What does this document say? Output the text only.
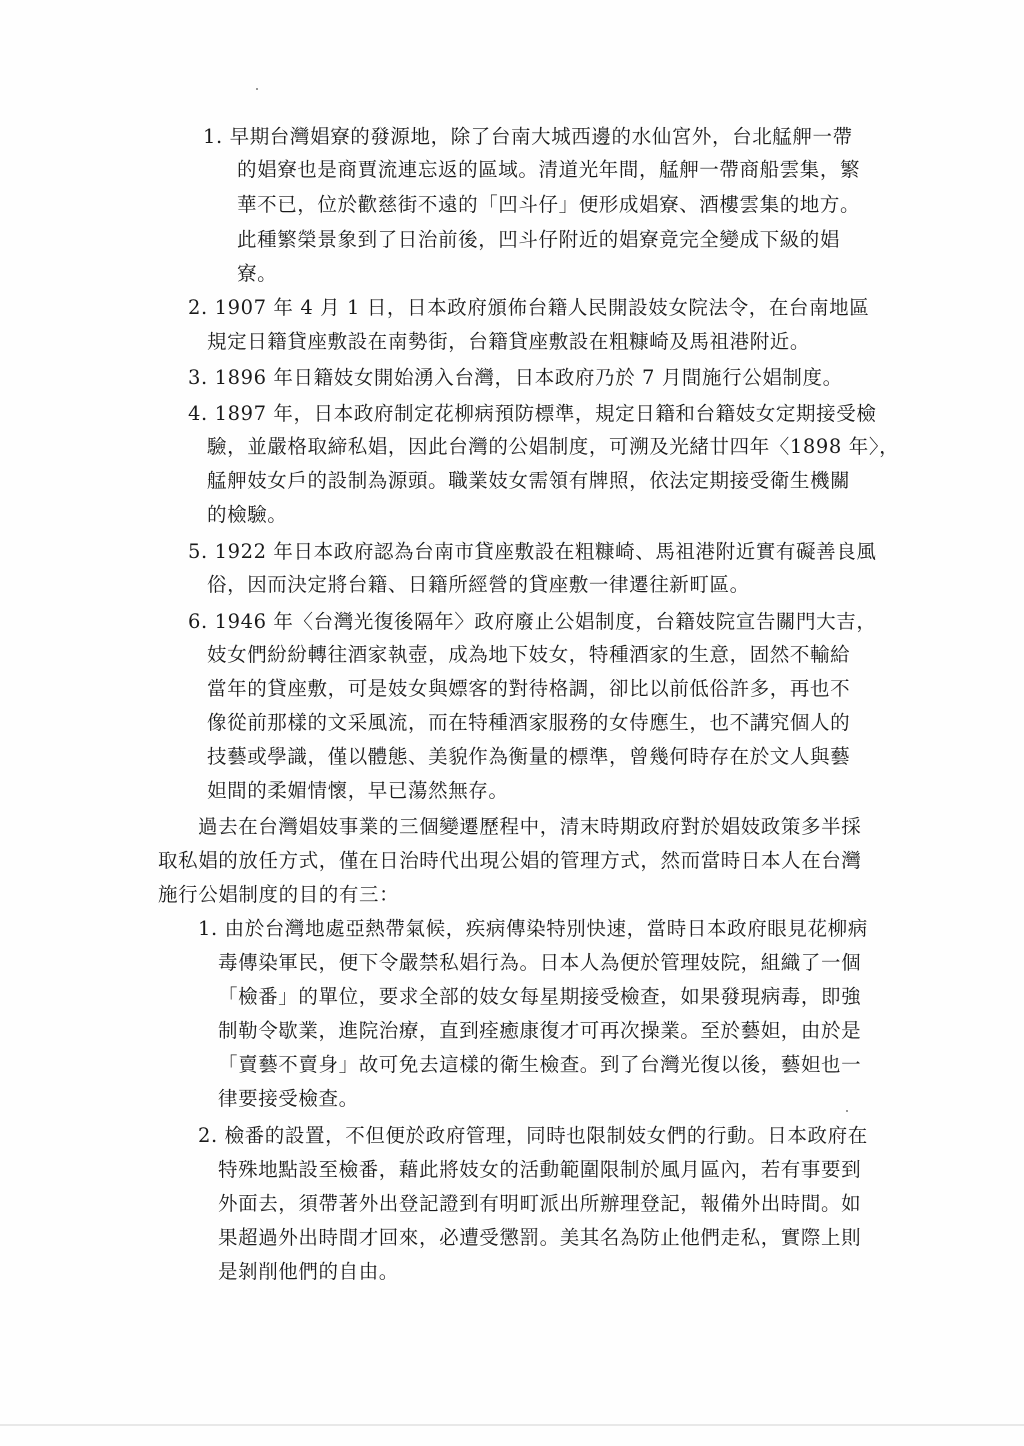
1. 早期台灣娼寮的發源地，除了台南大城西邊的水仙宮外，台北艋舺一帶
的娼寮也是商賈流連忘返的區域。清道光年間，艋舺一帶商船雲集，繁
華不已，位於歡慈街不遠的「凹斗仔」便形成娼寮、酒樓雲集的地方。
此種繁榮景象到了日治前後，凹斗仔附近的娼寮竟完全變成下級的娼
寮。
2. 1907 年 4 月 1 日，日本政府頒佈台籍人民開設妓女院法令，在台南地區
規定日籍貸座敷設在南勢街，台籍貸座敷設在粗糠崎及馬祖港附近。
3. 1896 年日籍妓女開始湧入台灣，日本政府乃於 7 月間施行公娼制度。
4. 1897 年，日本政府制定花柳病預防標準，規定日籍和台籍妓女定期接受檢
驗，並嚴格取締私娼，因此台灣的公娼制度，可溯及光緒廿四年〈1898 年〉，
艋舺妓女戶的設制為源頭。職業妓女需領有牌照，依法定期接受衛生機關
的檢驗。
5. 1922 年日本政府認為台南市貸座敷設在粗糠崎、馬祖港附近實有礙善良風
俗，因而決定將台籍、日籍所經營的貸座敷一律遷往新町區。
6. 1946 年〈台灣光復後隔年〉政府廢止公娼制度，台籍妓院宣告關門大吉，
妓女們紛紛轉往酒家執壺，成為地下妓女，特種酒家的生意，固然不輸給
當年的貸座敷，可是妓女與嫖客的對待格調，卻比以前低俗許多，再也不
像從前那樣的文采風流，而在特種酒家服務的女侍應生，也不講究個人的
技藝或學識，僅以體態、美貌作為衡量的標準，曾幾何時存在於文人與藝
妲間的柔媚情懷，早已蕩然無存。
過去在台灣娼妓事業的三個變遷歷程中，清末時期政府對於娼妓政策多半採
取私娼的放任方式，僅在日治時代出現公娼的管理方式，然而當時日本人在台灣
施行公娼制度的目的有三：
1. 由於台灣地處亞熱帶氣候，疾病傳染特別快速，當時日本政府眼見花柳病
毒傳染軍民，便下令嚴禁私娼行為。日本人為便於管理妓院，組織了一個
「檢番」的單位，要求全部的妓女每星期接受檢查，如果發現病毒，即強
制勒令歇業，進院治療，直到痊癒康復才可再次操業。至於藝妲，由於是
「賣藝不賣身」故可免去這樣的衛生檢查。到了台灣光復以後，藝妲也一
律要接受檢查。
2. 檢番的設置，不但便於政府管理，同時也限制妓女們的行動。日本政府在
特殊地點設至檢番，藉此將妓女的活動範圍限制於風月區內，若有事要到
外面去，須帶著外出登記證到有明町派出所辦理登記，報備外出時間。如
果超過外出時間才回來，必遭受懲罰。美其名為防止他們走私，實際上則
是剝削他們的自由。
